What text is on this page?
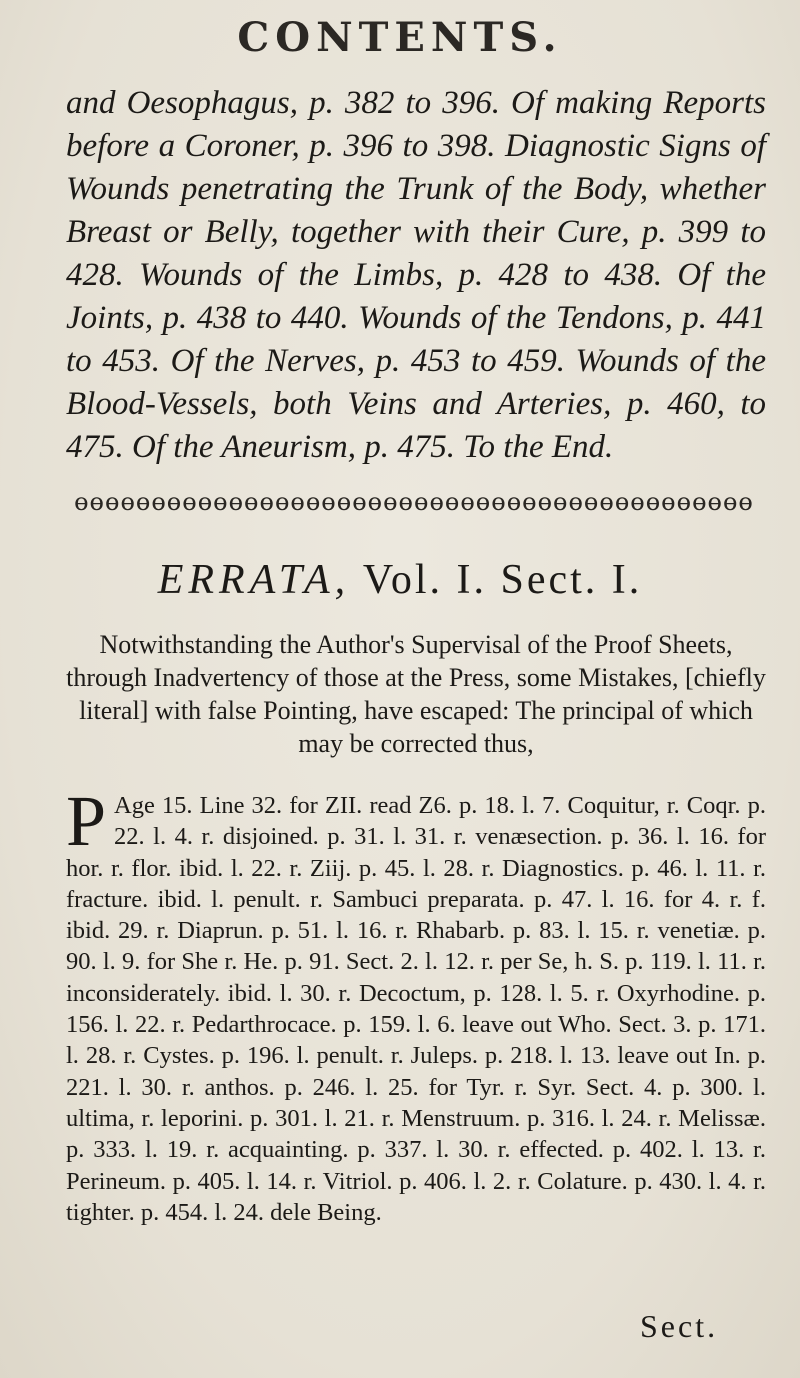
CONTENTS.

and Oesophagus, p. 382 to 396. Of making Reports before a Coroner, p. 396 to 398. Diagnostic Signs of Wounds penetrating the Trunk of the Body, whether Breast or Belly, together with their Cure, p. 399 to 428. Wounds of the Limbs, p. 428 to 438. Of the Joints, p. 438 to 440. Wounds of the Tendons, p. 441 to 453. Of the Nerves, p. 453 to 459. Wounds of the Blood-Vessels, both Veins and Arteries, p. 460, to 475. Of the Aneurism, p. 475. To the End.

ɵɵɵɵɵɵɵɵɵɵɵɵɵɵɵɵɵɵɵɵɵɵɵɵɵɵɵɵɵɵɵɵɵɵɵɵɵɵɵɵɵɵɵɵ
ERRATA, Vol. I. Sect. I.

Notwithstanding the Author's Supervisal of the Proof Sheets, through Inadvertency of those at the Press, some Mistakes, [chiefly literal] with false Pointing, have escaped: The principal of which may be corrected thus,

P Age 15. Line 32. for ZII. read Z6. p. 18. l. 7. Coquitur, r. Coqr. p. 22. l. 4. r. disjoined. p. 31. l. 31. r. venæsection. p. 36. l. 16. for hor. r. flor. ibid. l. 22. r. Ziij. p. 45. l. 28. r. Diagnostics. p. 46. l. 11. r. fracture. ibid. l. penult. r. Sambuci preparata. p. 47. l. 16. for 4. r. f. ibid. 29. r. Diaprun. p. 51. l. 16. r. Rhabarb. p. 83. l. 15. r. venetiæ. p. 90. l. 9. for She r. He. p. 91. Sect. 2. l. 12. r. per Se, h. S. p. 119. l. 11. r. inconsiderately. ibid. l. 30. r. Decoctum, p. 128. l. 5. r. Oxyrhodine. p. 156. l. 22. r. Pedarthrocace. p. 159. l. 6. leave out Who. Sect. 3. p. 171. l. 28. r. Cystes. p. 196. l. penult. r. Juleps. p. 218. l. 13. leave out In. p. 221. l. 30. r. anthos. p. 246. l. 25. for Tyr. r. Syr. Sect. 4. p. 300. l. ultima, r. leporini. p. 301. l. 21. r. Menstruum. p. 316. l. 24. r. Melissæ. p. 333. l. 19. r. acquainting. p. 337. l. 30. r. effected. p. 402. l. 13. r. Perineum. p. 405. l. 14. r. Vitriol. p. 406. l. 2. r. Colature. p. 430. l. 4. r. tighter. p. 454. l. 24. dele Being.

Sect.
